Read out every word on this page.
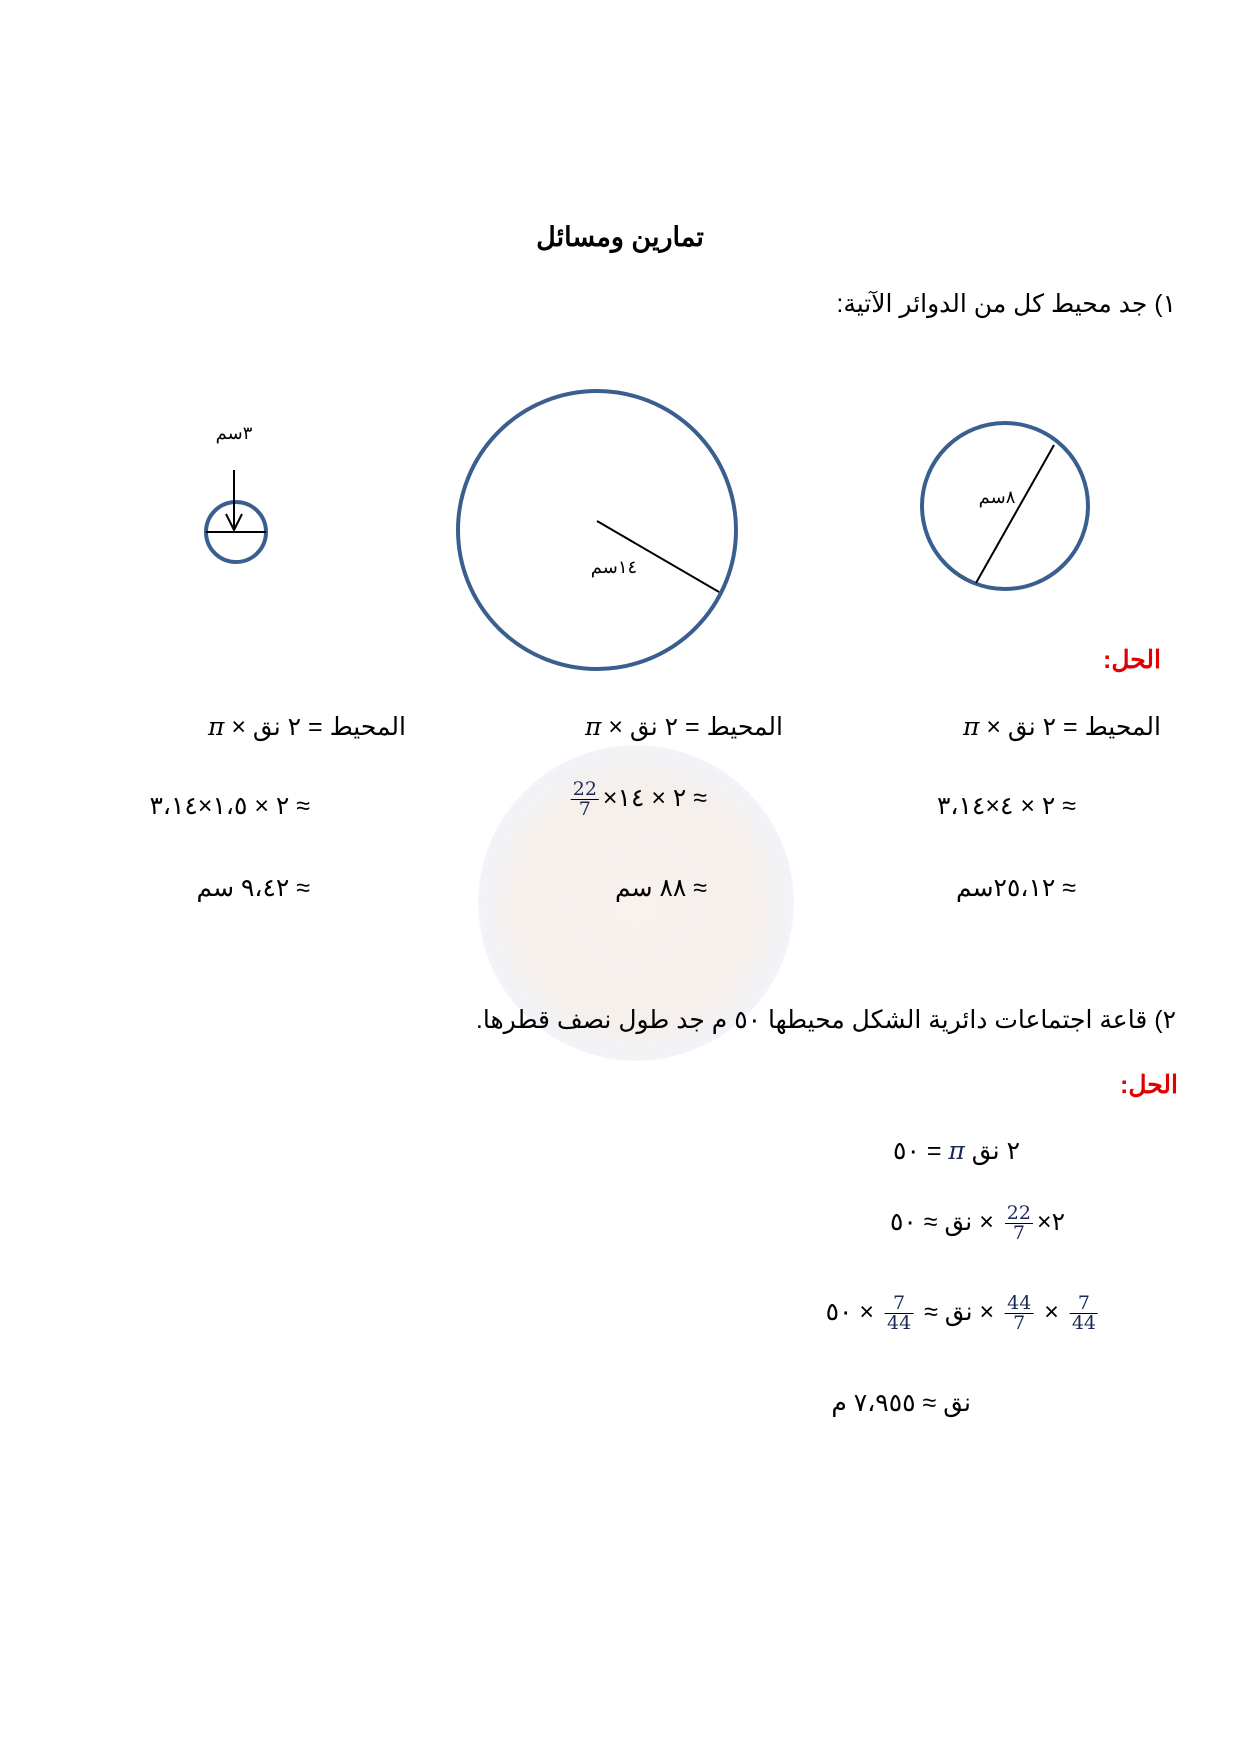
تمارين ومسائل
١) جد محيط كل من الدوائر الآتية:
٣سم
١٤سم
٨سم
الحل:
المحيط = ٢ نق × π
≈ ٢ × ٤×٣،١٤
≈ ٢٥،١٢سم
المحيط = ٢ نق × π
≈ ٢ × ١٤×
$\frac{22}{7}$
≈ ٨٨ سم
المحيط = ٢ نق × π
≈ ٢ × ١،٥×٣،١٤
≈ ٩،٤٢ سم
٢) قاعة اجتماعات دائرية الشكل محيطها ٥٠ م جد طول نصف قطرها.
الحل:
٢ نق π = ٥٠
٢×
$\frac{22}{7}$
× نق ≈ ٥٠
$\frac{7}{44}$
×
$\frac{44}{7}$
× نق ≈
$\frac{7}{44}$
× ٥٠
نق ≈ ٧،٩٥٥ م
